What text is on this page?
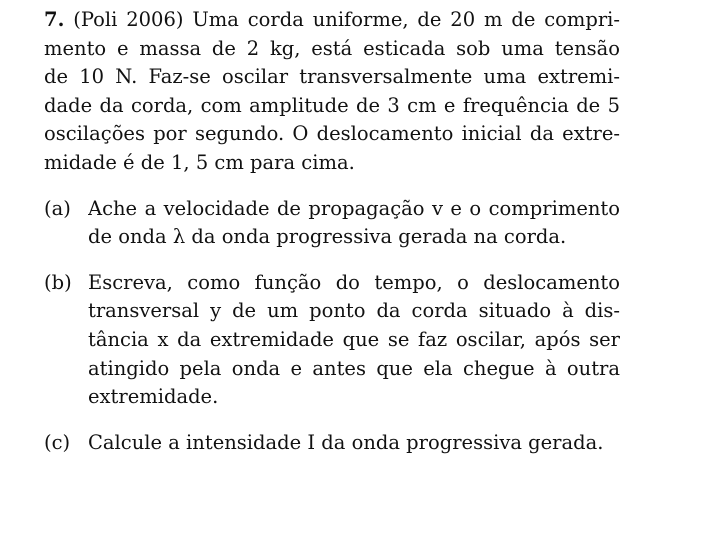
7. (Poli 2006) Uma corda uniforme, de 20 m de compri-
mento e massa de 2 kg, está esticada sob uma tensão
de 10 N. Faz-se oscilar transversalmente uma extremi-
dade da corda, com amplitude de 3 cm e frequência de 5
oscilações por segundo. O deslocamento inicial da extre-
midade é de 1, 5 cm para cima.
(a) Ache a velocidade de propagação v e o comprimento
de onda λ da onda progressiva gerada na corda.
(b) Escreva, como função do tempo, o deslocamento
transversal y de um ponto da corda situado à dis-
tância x da extremidade que se faz oscilar, após ser
atingido pela onda e antes que ela chegue à outra
extremidade.
(c) Calcule a intensidade I da onda progressiva gerada.
